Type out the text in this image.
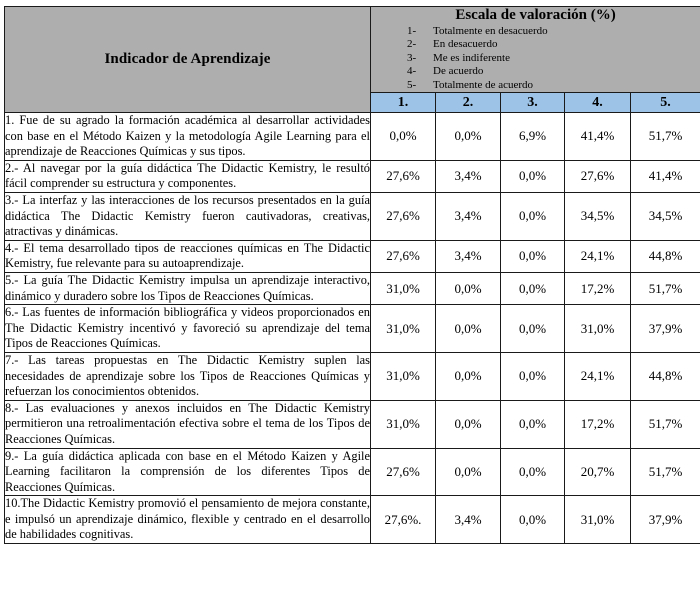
Indicador de Aprendizaje	
Escala de valoración (%)
1-	Totalmente en desacuerdo
2-	En desacuerdo
3-	Me es indiferente
4-	De acuerdo
5-	Totalmente de acuerdo

	1.	2.	3.	4.	5.
1. Fue de su agrado la formación académica al desarrollar actividades con base en el Método Kaizen y la metodología Agile Learning para el aprendizaje de Reacciones Químicas y sus tipos.	0,0%	0,0%	6,9%	41,4%	51,7%
2.- Al navegar por la guía didáctica The Didactic Kemistry, le resultó fácil comprender su estructura y componentes.	27,6%	3,4%	0,0%	27,6%	41,4%
3.- La interfaz y las interacciones de los recursos presentados en la guía didáctica The Didactic Kemistry fueron cautivadoras, creativas, atractivas y dinámicas.	27,6%	3,4%	0,0%	34,5%	34,5%
4.- El tema desarrollado tipos de reacciones químicas en The Didactic Kemistry, fue relevante para su autoaprendizaje.	27,6%	3,4%	0,0%	24,1%	44,8%
5.- La guía The Didactic Kemistry impulsa un aprendizaje interactivo, dinámico y duradero sobre los Tipos de Reacciones Químicas.	31,0%	0,0%	0,0%	17,2%	51,7%
6.- Las fuentes de información bibliográfica y videos proporcionados en The Didactic Kemistry incentivó y favoreció su aprendizaje del tema Tipos de Reacciones Químicas.	31,0%	0,0%	0,0%	31,0%	37,9%
7.- Las tareas propuestas en The Didactic Kemistry suplen las necesidades de aprendizaje sobre los Tipos de Reacciones Químicas y refuerzan los conocimientos obtenidos.	31,0%	0,0%	0,0%	24,1%	44,8%
8.- Las evaluaciones y anexos incluidos en The Didactic Kemistry permitieron una retroalimentación efectiva sobre el tema de los Tipos de Reacciones Químicas.	31,0%	0,0%	0,0%	17,2%	51,7%
9.- La guía didáctica aplicada con base en el Método Kaizen y Agile Learning facilitaron la comprensión de los diferentes Tipos de Reacciones Químicas.	27,6%	0,0%	0,0%	20,7%	51,7%
10.The Didactic Kemistry promovió el pensamiento de mejora constante, e impulsó un aprendizaje dinámico, flexible y centrado en el desarrollo de habilidades cognitivas.	27,6%.	3,4%	0,0%	31,0%	37,9%
